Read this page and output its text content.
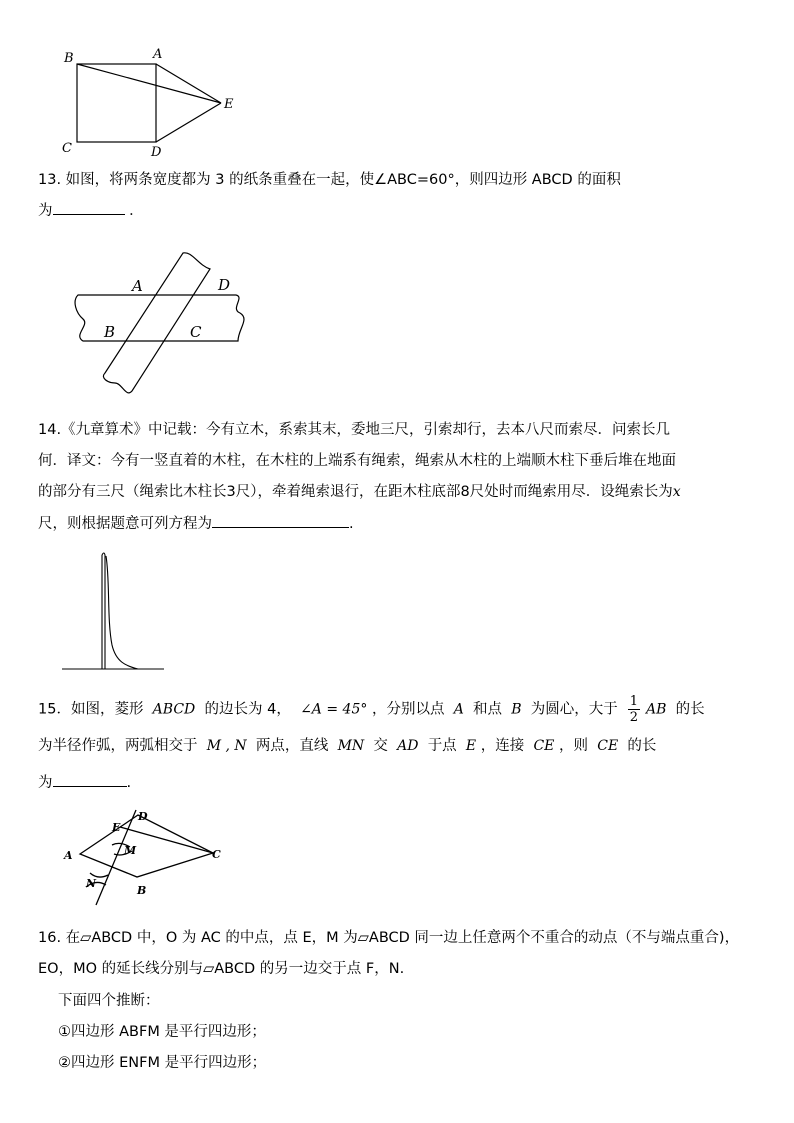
B	A
C	D
E
13. 如图，将两条宽度都为 3 的纸条重叠在一起，使∠ABC=60°，则四边形 ABCD 的面积
为	．
A	D
B	C
14.《九章算术》中记载：今有立木，系索其末，委地三尺，引索却行，去本八尺而索尽．问索长几
何．译文：今有一竖直着的木柱，在木柱的上端系有绳索，绳索从木柱的上端顺木柱下垂后堆在地面
的部分有三尺（绳索比木柱长3尺），牵着绳索退行，在距木柱底部8尺处时而绳索用尽．设绳索长为x
尺，则根据题意可列方程为	.
15．如图，菱形 ABCD 的边长为 4， ∠A = 45° ，分别以点 A 和点 B 为圆心，大于 $\frac{1}{2}$ AB 的长
为半径作弧，两弧相交于 M , N 两点，直线 MN 交 AD 于点 E ，连接 CE ，则 CE 的长
为	.
A
D
C
B
E
M
N
16. 在▱ABCD 中，O 为 AC 的中点，点 E，M 为▱ABCD 同一边上任意两个不重合的动点（不与端点重合)，
EO，MO 的延长线分别与▱ABCD 的另一边交于点 F，N.
下面四个推断：
①四边形 ABFM 是平行四边形；
②四边形 ENFM 是平行四边形；
